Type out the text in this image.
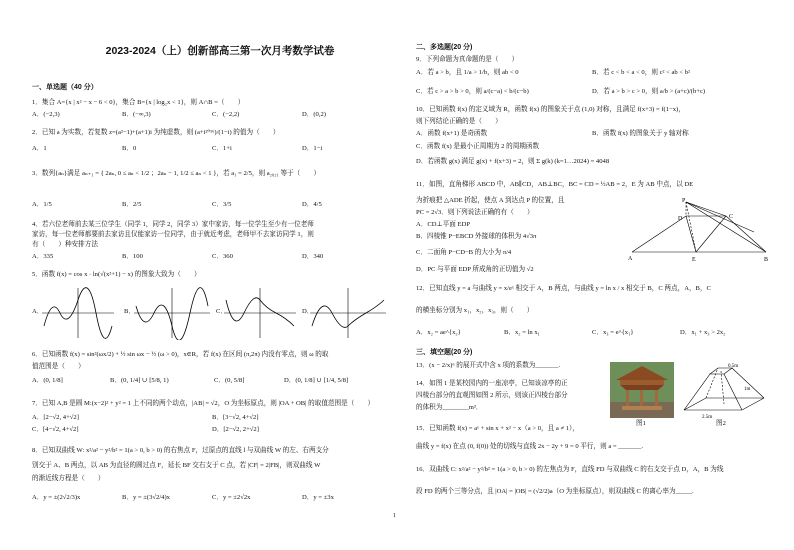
2023-2024（上）创新部高三第一次月考数学试卷

一、单选题（40 分）

1．集合 A={x | x² − x − 6 < 0}，集合 B={x | log₂x < 1}，则 A∩B =（　　）

A．(−2,3)	B．(−∞,3)	C．(−2,2)	D．(0,2)

2．已知 a 为实数，若复数 z=(a²−1)+(a+1)i 为纯虚数，则 (a+i²⁰¹⁶)/(1−i) 的值为（　　）

A．1	B．0	C．1+i	D．1−i

3．数列{aₙ}满足 aₙ₊₁ = { 2aₙ, 0 ≤ aₙ < 1/2 ；2aₙ − 1, 1/2 ≤ aₙ < 1 }，若 a₁ = 2/5，则 a₂₀₂₁ 等于（　　）

A．1/5	B．2/5	C．3/5	D．4/5

4．若六位老师前去某三位学生（同学 1，同学 2，同学 3）家中家访，每一位学生至少有一位老师

家访，每一位老师都要前去家访且仅能家访一位同学，由于就近考虑，老师甲不去家访同学 1，则

有（　　）种安排方法

A．335	B．100	C．360	D．340

5．函数 f(x) = cos x · ln(√(x²+1) − x) 的图象大致为（　　）

A．	B．	C．	D．

6．已知函数 f(x) = sin²(ωx/2) + ½ sin ωx − ½ (ω > 0)，x∈R，若 f(x) 在区间 (π,2π) 内没有零点，则 ω 的取

值范围是（　　）

A．(0, 1/8]	B．(0, 1/4] ∪ [5/8, 1)	C．(0, 5/8]	D．(0, 1/8] ∪ [1/4, 5/8]

7．已知 A,B 是圆 M:(x−2)² + y² = 1 上不同的两个动点，|AB| = √2，O 为坐标原点，则 |OA + OB| 的取值范围是（　　）

A．[2−√2, 4+√2]	B．[3−√2, 4+√2]
C．[4−√2, 4+√2]	D．[2−√2, 2+√2]

8．已知双曲线 W: x²/a² − y²/b² = 1(a > 0, b > 0) 的右焦点 F，过原点的直线 l 与双曲线 W 的左、右两支分

别交于 A、B 两点，以 AB 为直径的圆过点 F，延长 BF 交右支于 C 点，若 |CF| = 2|FB|，则双曲线 W

的渐近线方程是（　　）

A．y = ±(2√2/3)x	B．y = ±(3√2/4)x	C．y = ±2√2x	D．y = ±3x

二、多选题(20 分)

9．下列命题为真命题的是（　　）

A．若 a > b，且 1/a > 1/b，则 ab < 0	B．若 c < b < a < 0，则 c² < ab < b²
C．若 c > a > b > 0，则 a/(c−a) < b/(c−b)	D．若 a > b > c > 0，则 a/b > (a+c)/(b+c)

10．已知函数 f(x) 的定义域为 R，函数 f(x) 的图象关于点 (1,0) 对称，且满足 f(x+3) = f(1−x)，

则下列结论正确的是（　　）

A．函数 f(x+1) 是奇函数	B．函数 f(x) 的图象关于 y 轴对称

C．函数 f(x) 是最小正周期为 2 的周期函数

D．若函数 g(x) 满足 g(x) + f(x+3) = 2，则 Σ g(k) (k=1…2024) = 4048

11．如图，直角梯形 ABCD 中，AB∥CD，AB⊥BC，BC = CD = ½AB = 2，E 为 AB 中点，以 DE

为折痕把 △ADE 折起，使点 A 到达点 P 的位置，且

PC = 2√3．则下列说法正确的有（　　）

A．CD⊥平面 EDP

B．四棱锥 P−EBCD 外接球的体积为 4√3π

C．二面角 P−CD−B 的大小为 π/4

D．PC 与平面 EDP 所成角的正切值为 √2

P
A	E	B
D	C

12．已知直线 y = a 与曲线 y = x/eˣ 相交于 A，B 两点，与曲线 y = ln x / x 相交于 B，C 两点，A，B，C

的横坐标分别为 x₁，x₂，x₃，则（　　）

A．x₂ = ae^{x₂}	B．x₂ = ln x₁	C．x₃ = e^{x₁}	D．x₁ + x₃ > 2x₂

三、填空题(20 分)

13．(x − 2/x)⁶ 的展开式中含 x 项的系数为_______.

14．如图 1 是某校园内的一座凉亭，已知该凉亭的正

四棱台部分的直观图如图 2 所示，则该正四棱台部分

的体积为________m³．

图1
0.5m
2.5m
1m
图2

15．已知函数 f(x) = aˣ + sin x + x² − x（a > 0，且 a ≠ 1），

曲线 y = f(x) 在点 (0, f(0)) 处的切线与直线 2x − 2y + 9 = 0 平行，则 a = _______.

16．双曲线 C: x²/a² − y²/b² = 1(a > 0, b > 0) 的左焦点为 F，直线 FD 与双曲线 C 的右支交于点 D，A，B 为线

段 FD 的两个三等分点，且 |OA| = |OB| = (√2/2)a（O 为坐标原点），则双曲线 C 的离心率为_____.

1
